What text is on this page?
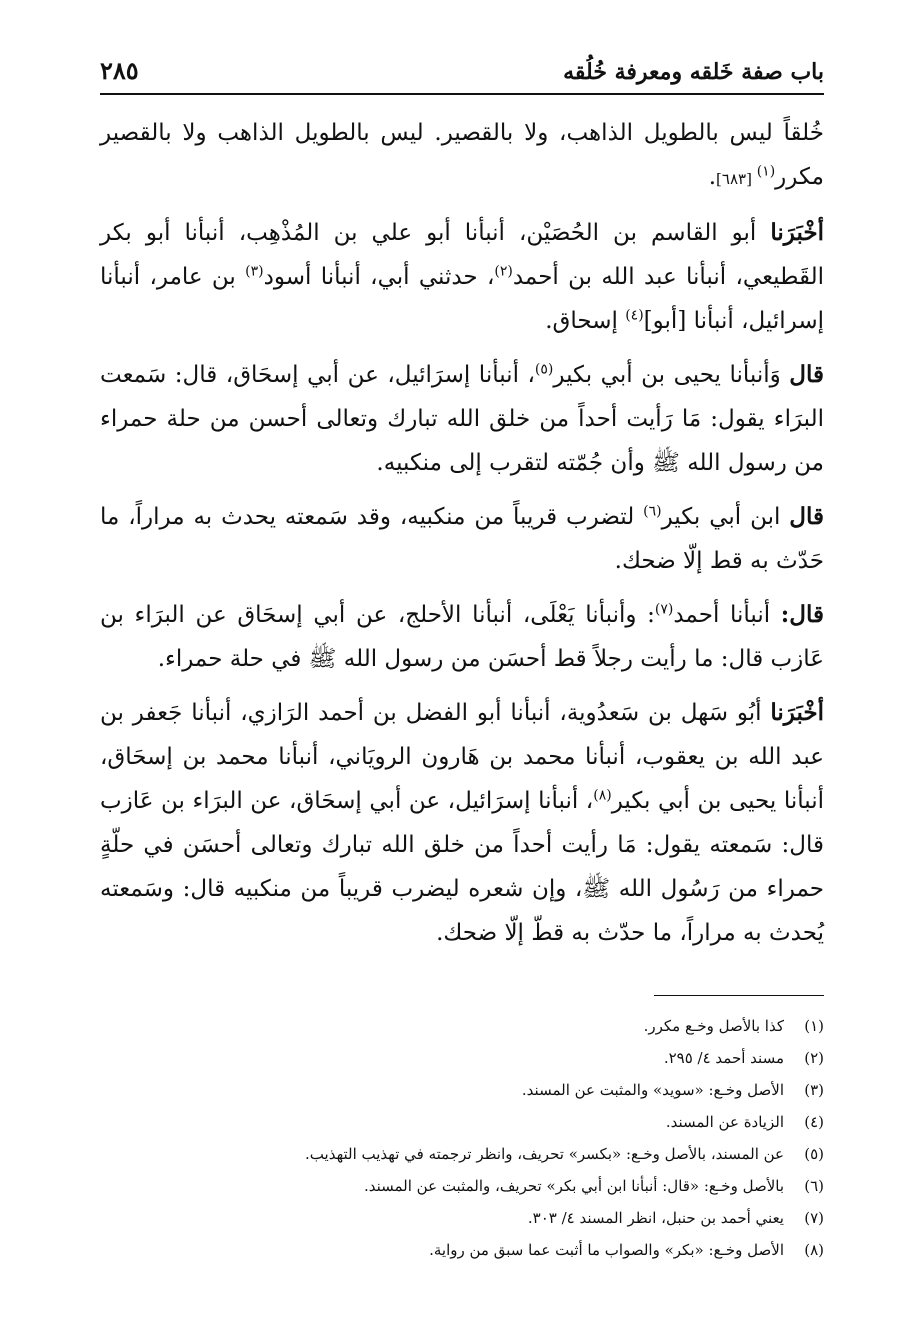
باب صفة خَلقه ومعرفة خُلُقه
٢٨٥

خُلقاً ليس بالطويل الذاهب، ولا بالقصير. ليس بالطويل الذاهب ولا بالقصير مكرر$^{(١)}$ [٦٨٣].

أخْبَرَنا أبو القاسم بن الحُصَيْن، أنبأنا أبو علي بن المُذْهِب، أنبأنا أبو بكر القَطيعي، أنبأنا عبد الله بن أحمد$^{(٢)}$، حدثني أبي، أنبأنا أسود$^{(٣)}$ بن عامر، أنبأنا إسرائيل، أنبأنا [أبو]$^{(٤)}$ إسحاق.

قال وَأنبأنا يحيى بن أبي بكير$^{(٥)}$، أنبأنا إسرَائيل، عن أبي إسحَاق، قال: سَمعت البرَاء يقول: مَا رَأيت أحداً من خلق الله تبارك وتعالى أحسن من حلة حمراء من رسول الله ﷺ وأن جُمّته لتقرب إلى منكبيه.

قال ابن أبي بكير$^{(٦)}$ لتضرب قريباً من منكبيه، وقد سَمعته يحدث به مراراً، ما حَدّث به قط إلّا ضحك.

قال: أنبأنا أحمد$^{(٧)}$: وأنبأنا يَعْلَى، أنبأنا الأحلج، عن أبي إسحَاق عن البرَاء بن عَازب قال: ما رأيت رجلاً قط أحسَن من رسول الله ﷺ في حلة حمراء.

أخْبَرَنا أبُو سَهل بن سَعدُوية، أنبأنا أبو الفضل بن أحمد الرَازي، أنبأنا جَعفر بن عبد الله بن يعقوب، أنبأنا محمد بن هَارون الرويَاني، أنبأنا محمد بن إسحَاق، أنبأنا يحيى بن أبي بكير$^{(٨)}$، أنبأنا إسرَائيل، عن أبي إسحَاق، عن البرَاء بن عَازب قال: سَمعته يقول: مَا رأيت أحداً من خلق الله تبارك وتعالى أحسَن في حلّةٍ حمراء من رَسُول الله ﷺ، وإن شعره ليضرب قريباً من منكبيه قال: وسَمعته يُحدث به مراراً، ما حدّث به قطّ إلّا ضحك.

(١)
كذا بالأصل وخـع مكرر.
(٢)
مسند أحمد ٤/ ٢٩٥.
(٣)
الأصل وخـع: «سويد» والمثبت عن المسند.
(٤)
الزيادة عن المسند.
(٥)
عن المسند، بالأصل وخـع: «بكسر» تحريف، وانظر ترجمته في تهذيب التهذيب.
(٦)
بالأصل وخـع: «قال: أنبأنا ابن أبي بكر» تحريف، والمثبت عن المسند.
(٧)
يعني أحمد بن حنبل، انظر المسند ٤/ ٣٠٣.
(٨)
الأصل وخـع: «بكر» والصواب ما أثبت عما سبق من رواية.
